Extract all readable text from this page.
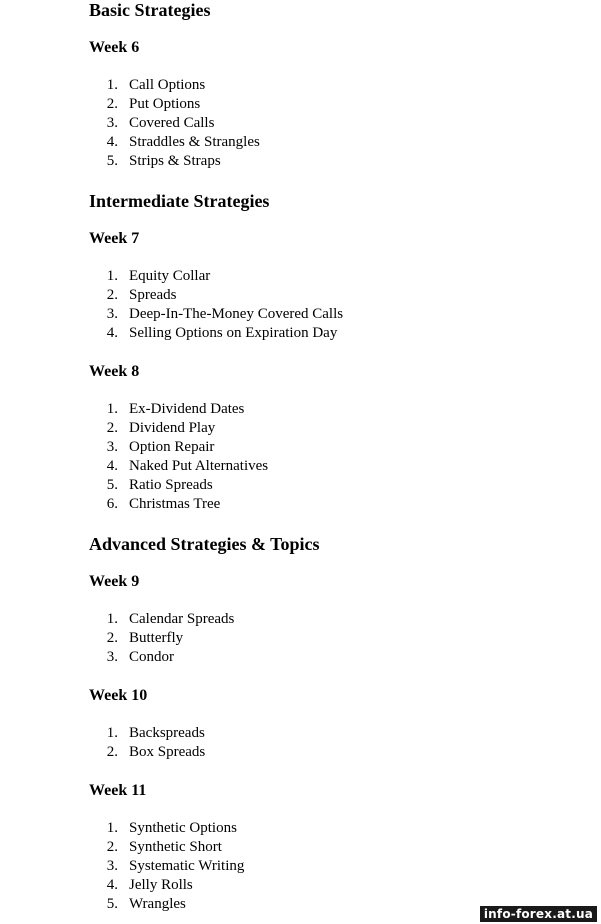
Basic Strategies
Week 6
1. Call Options
2. Put Options
3. Covered Calls
4. Straddles & Strangles
5. Strips & Straps
Intermediate Strategies
Week 7
1. Equity Collar
2. Spreads
3. Deep-In-The-Money Covered Calls
4. Selling Options on Expiration Day
Week 8
1. Ex-Dividend Dates
2. Dividend Play
3. Option Repair
4. Naked Put Alternatives
5. Ratio Spreads
6. Christmas Tree
Advanced Strategies & Topics
Week 9
1. Calendar Spreads
2. Butterfly
3. Condor
Week 10
1. Backspreads
2. Box Spreads
Week 11
1. Synthetic Options
2. Synthetic Short
3. Systematic Writing
4. Jelly Rolls
5. Wrangles
info-forex.at.ua
